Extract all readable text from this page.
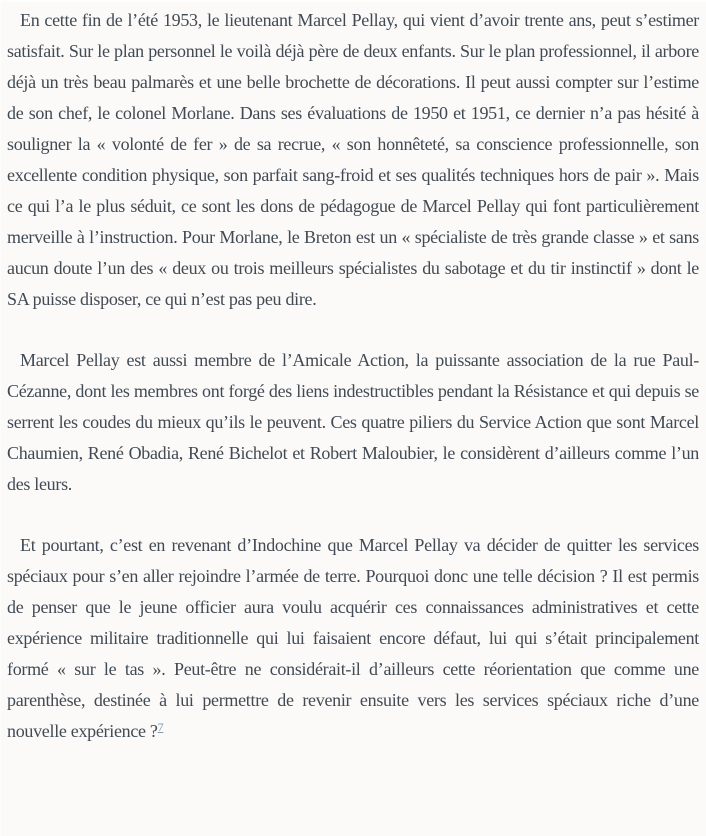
En cette fin de l’été 1953, le lieutenant Marcel Pellay, qui vient d’avoir trente ans, peut s’estimer satisfait. Sur le plan personnel le voilà déjà père de deux enfants. Sur le plan professionnel, il arbore déjà un très beau palmarès et une belle brochette de décorations. Il peut aussi compter sur l’estime de son chef, le colonel Morlane. Dans ses évaluations de 1950 et 1951, ce dernier n’a pas hésité à souligner la « volonté de fer » de sa recrue, « son honnêteté, sa conscience professionnelle, son excellente condition physique, son parfait sang-froid et ses qualités techniques hors de pair ». Mais ce qui l’a le plus séduit, ce sont les dons de pédagogue de Marcel Pellay qui font particulièrement merveille à l’instruction. Pour Morlane, le Breton est un « spécialiste de très grande classe » et sans aucun doute l’un des « deux ou trois meilleurs spécialistes du sabotage et du tir instinctif » dont le SA puisse disposer, ce qui n’est pas peu dire.

Marcel Pellay est aussi membre de l’Amicale Action, la puissante association de la rue Paul-Cézanne, dont les membres ont forgé des liens indestructibles pendant la Résistance et qui depuis se serrent les coudes du mieux qu’ils le peuvent. Ces quatre piliers du Service Action que sont Marcel Chaumien, René Obadia, René Bichelot et Robert Maloubier, le considèrent d’ailleurs comme l’un des leurs.

Et pourtant, c’est en revenant d’Indochine que Marcel Pellay va décider de quitter les services spéciaux pour s’en aller rejoindre l’armée de terre. Pourquoi donc une telle décision ? Il est permis de penser que le jeune officier aura voulu acquérir ces connaissances administratives et cette expérience militaire traditionnelle qui lui faisaient encore défaut, lui qui s’était principalement formé « sur le tas ». Peut-être ne considérait-il d’ailleurs cette réorientation que comme une parenthèse, destinée à lui permettre de revenir ensuite vers les services spéciaux riche d’une nouvelle expérience ?$^7$
